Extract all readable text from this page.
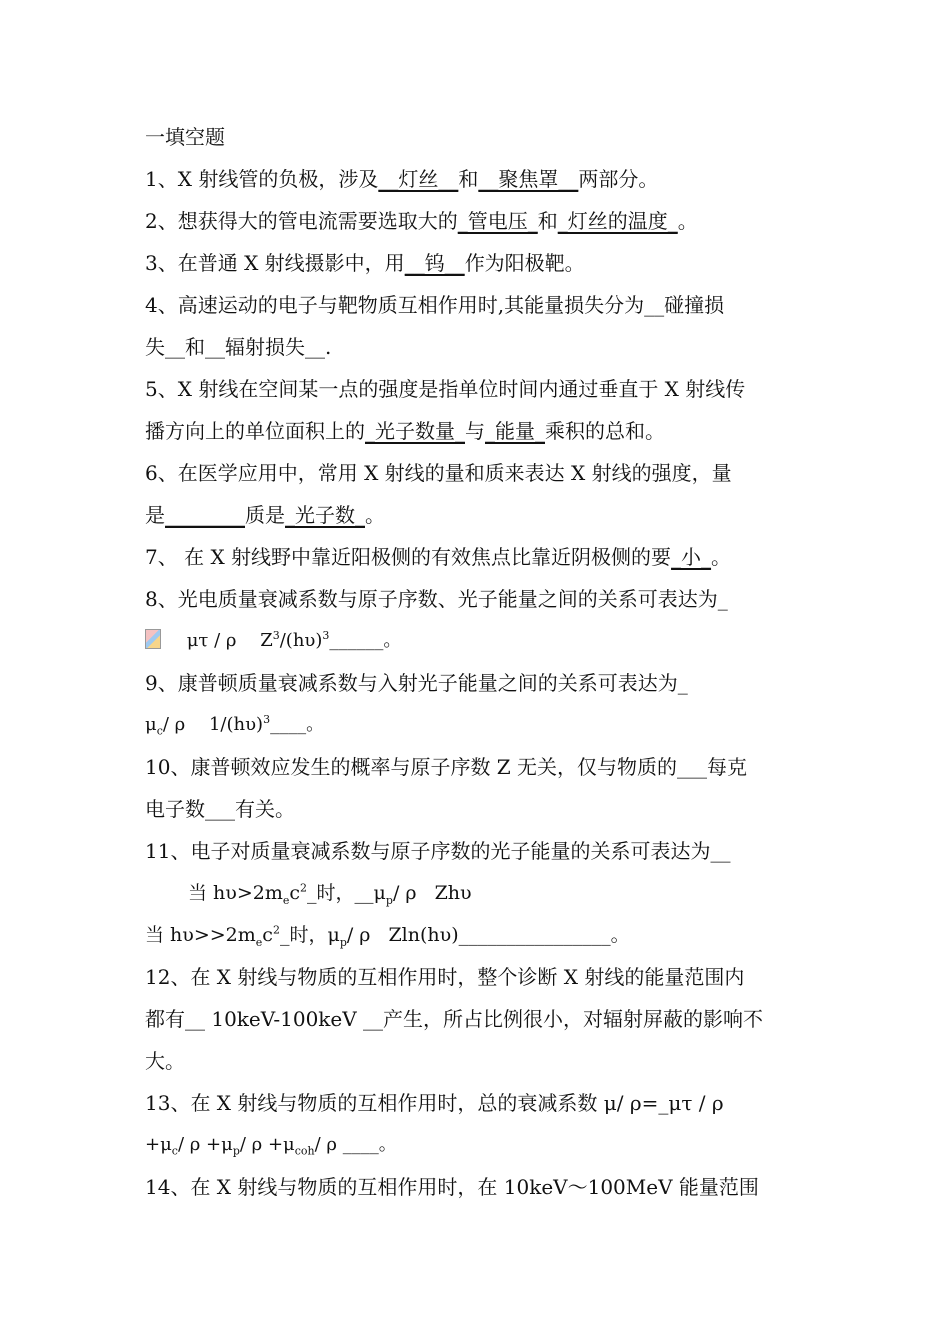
一填空题
1、X 射线管的负极，涉及__灯丝__和__聚焦罩__两部分。
2、想获得大的管电流需要选取大的_管电压_和_灯丝的温度_。
3、在普通 X 射线摄影中，用__钨__作为阳极靶。
4、高速运动的电子与靶物质互相作用时,其能量损失分为__碰撞损
失__和__辐射损失__.
5、X 射线在空间某一点的强度是指单位时间内通过垂直于 X 射线传
播方向上的单位面积上的_光子数量_与_能量_乘积的总和。
6、在医学应用中，常用 X 射线的量和质来表达 X 射线的强度，量
是________质是_光子数_。
7、 在 X 射线野中靠近阳极侧的有效焦点比靠近阴极侧的要_小_。
8、光电质量衰减系数与原子序数、光子能量之间的关系可表达为_
μτ / ρ $Z^3/(h\upsilon)^3\_\_\_\_\_\_$。
9、康普顿质量衰减系数与入射光子能量之间的关系可表达为_
$\mu_c/$ ρ $1/(h\upsilon)^3\_\_\_\_$。
10、康普顿效应发生的概率与原子序数 Z 无关，仅与物质的___每克
电子数___有关。
11、电子对质量衰减系数与原子序数的光子能量的关系可表达为__
当 $h\upsilon>2m_ec^2\_$时，$\_\_\mu_p/$ ρ Zhυ
当 $h\upsilon>>2m_ec^2\_$时，$\mu_p/$ ρ Zln(hυ)________________。
12、在 X 射线与物质的互相作用时，整个诊断 X 射线的能量范围内
都有__ 10keV-100keV __产生，所占比例很小，对辐射屏蔽的影响不
大。
13、在 X 射线与物质的互相作用时，总的衰减系数 μ/ ρ=_μτ / ρ
$+\mu_c/$ $\rho +\mu_p/$ $\rho +\mu_{coh}/$ ρ ____。
14、在 X 射线与物质的互相作用时，在 10keV～100MeV 能量范围
